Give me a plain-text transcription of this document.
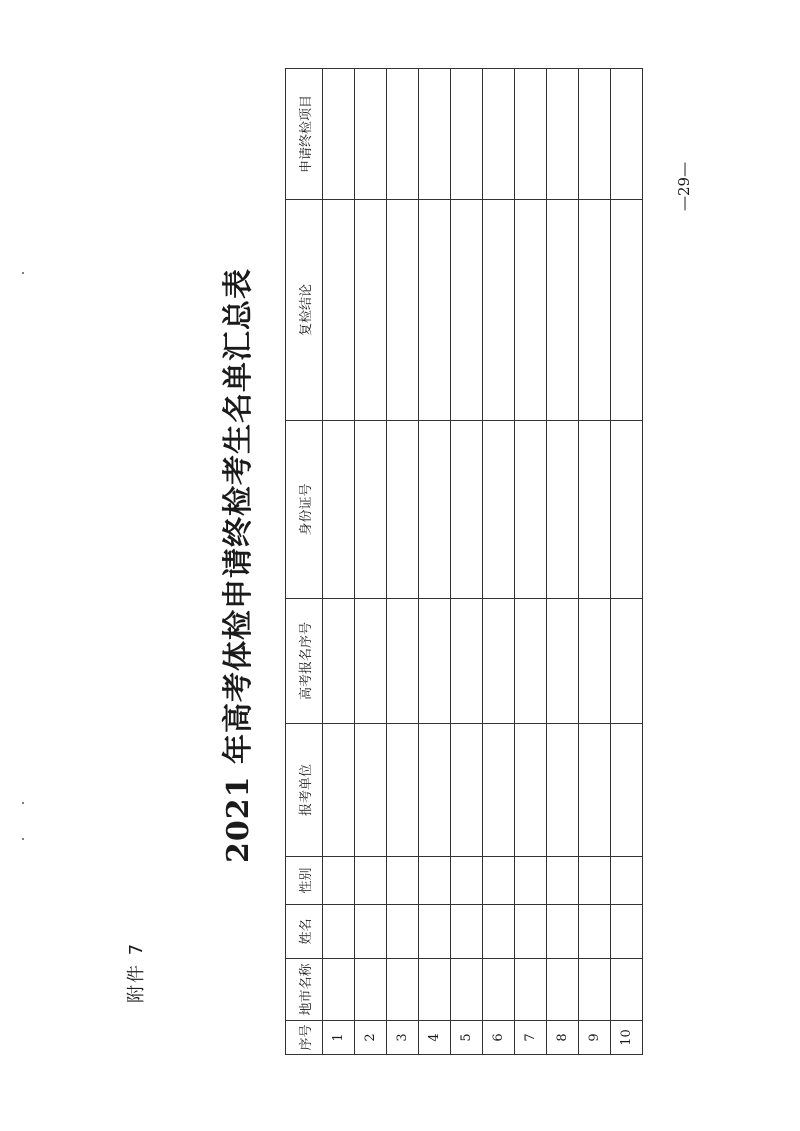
附件 7
2021 年高考体检申请终检考生名单汇总表
序号	地市名称	姓名	性别	报考单位	高考报名序号	身份证号	复检结论	申请终检项目
1								
2								
3								
4								
5								
6								
7								
8								
9								
10								
—29—
